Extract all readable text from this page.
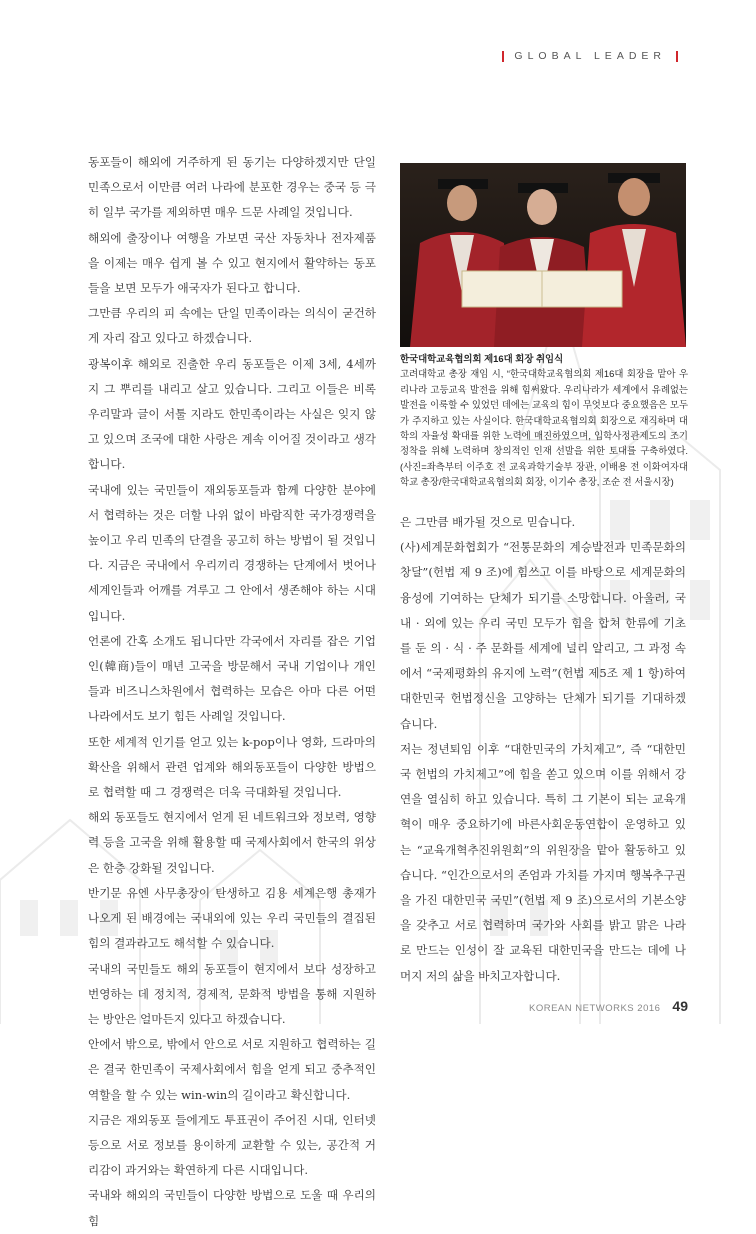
GLOBAL LEADER

동포들이 해외에 거주하게 된 동기는 다양하겠지만 단일 민족으로서 이만큼 여러 나라에 분포한 경우는 중국 등 극히 일부 국가를 제외하면 매우 드문 사례일 것입니다.

해외에 출장이나 여행을 가보면 국산 자동차나 전자제품을 이제는 매우 쉽게 볼 수 있고 현지에서 활약하는 동포들을 보면 모두가 애국자가 된다고 합니다.

그만큼 우리의 피 속에는 단일 민족이라는 의식이 굳건하게 자리 잡고 있다고 하겠습니다.

광복이후 해외로 진출한 우리 동포들은 이제 3세, 4세까지 그 뿌리를 내리고 살고 있습니다. 그리고 이들은 비록 우리말과 글이 서툴 지라도 한민족이라는 사실은 잊지 않고 있으며 조국에 대한 사랑은 계속 이어질 것이라고 생각합니다.

국내에 있는 국민들이 재외동포들과 함께 다양한 분야에서 협력하는 것은 더할 나위 없이 바람직한 국가경쟁력을 높이고 우리 민족의 단결을 공고히 하는 방법이 될 것입니다. 지금은 국내에서 우리끼리 경쟁하는 단계에서 벗어나 세계인들과 어깨를 겨루고 그 안에서 생존해야 하는 시대입니다.

언론에 간혹 소개도 됩니다만 각국에서 자리를 잡은 기업인(韓商)들이 매년 고국을 방문해서 국내 기업이나 개인들과 비즈니스차원에서 협력하는 모습은 아마 다른 어떤 나라에서도 보기 힘든 사례일 것입니다.

또한 세계적 인기를 얻고 있는 k-pop이나 영화, 드라마의 확산을 위해서 관련 업계와 해외동포들이 다양한 방법으로 협력할 때 그 경쟁력은 더욱 극대화될 것입니다.

해외 동포들도 현지에서 얻게 된 네트워크와 정보력, 영향력 등을 고국을 위해 활용할 때 국제사회에서 한국의 위상은 한층 강화될 것입니다.

반기문 유엔 사무총장이 탄생하고 김용 세계은행 총재가 나오게 된 배경에는 국내외에 있는 우리 국민들의 결집된 힘의 결과라고도 해석할 수 있습니다.

국내의 국민들도 해외 동포들이 현지에서 보다 성장하고 번영하는 데 정치적, 경제적, 문화적 방법을 통해 지원하는 방안은 얼마든지 있다고 하겠습니다.

안에서 밖으로, 밖에서 안으로 서로 지원하고 협력하는 길은 결국 한민족이 국제사회에서 힘을 얻게 되고 중추적인 역할을 할 수 있는 win-win의 길이라고 확신합니다.

지금은 재외동포 들에게도 투표권이 주어진 시대, 인터넷 등으로 서로 정보를 용이하게 교환할 수 있는, 공간적 거리감이 과거와는 확연하게 다른 시대입니다.

국내와 해외의 국민들이 다양한 방법으로 도울 때 우리의 힘

한국대학교육협의회 제16대 회장 취임식
고려대학교 총장 재임 시, “한국대학교육협의회 제16대 회장을 맡아 우리나라 고등교육 발전을 위해 힘써왔다. 우리나라가 세계에서 유례없는 발전을 이룩할 수 있었던 데에는 교육의 힘이 무엇보다 중요했음은 모두가 주지하고 있는 사실이다. 한국대학교육협의회 회장으로 재직하며 대학의 자율성 확대를 위한 노력에 매진하였으며, 입학사정관제도의 조기 정착을 위해 노력하며 창의적인 인재 선발을 위한 토대를 구축하였다. (사진=좌측부터 이주호 전 교육과학기술부 장관, 이배용 전 이화여자대학교 총장/한국대학교육협의회 회장, 이기수 총장, 조순 전 서울시장)

은 그만큼 배가될 것으로 믿습니다.

(사)세계문화협회가 “전통문화의 계승발전과 민족문화의 창달”(헌법 제 9 조)에 힘쓰고 이를 바탕으로 세계문화의 융성에 기여하는 단체가 되기를 소망합니다. 아울러, 국내 · 외에 있는 우리 국민 모두가 힘을 합쳐 한류에 기초를 둔 의 · 식 · 주 문화를 세계에 널리 알리고, 그 과정 속에서 “국제평화의 유지에 노력”(헌법 제5조 제 1 항)하여 대한민국 헌법정신을 고양하는 단체가 되기를 기대하겠습니다.

저는 정년퇴임 이후 “대한민국의 가치제고”, 즉 “대한민국 헌법의 가치제고”에 힘을 쏟고 있으며 이를 위해서 강연을 열심히 하고 있습니다. 특히 그 기본이 되는 교육개혁이 매우 중요하기에 바른사회운동연합이 운영하고 있는 “교육개혁추진위원회”의 위원장을 맡아 활동하고 있습니다. “인간으로서의 존엄과 가치를 가지며 행복추구권을 가진 대한민국 국민”(헌법 제 9 조)으로서의 기본소양을 갖추고 서로 협력하며 국가와 사회를 밝고 맑은 나라로 만드는 인성이 잘 교육된 대한민국을 만드는 데에 나머지 저의 삶을 바치고자합니다.

KOREAN NETWORKS 2016 49
